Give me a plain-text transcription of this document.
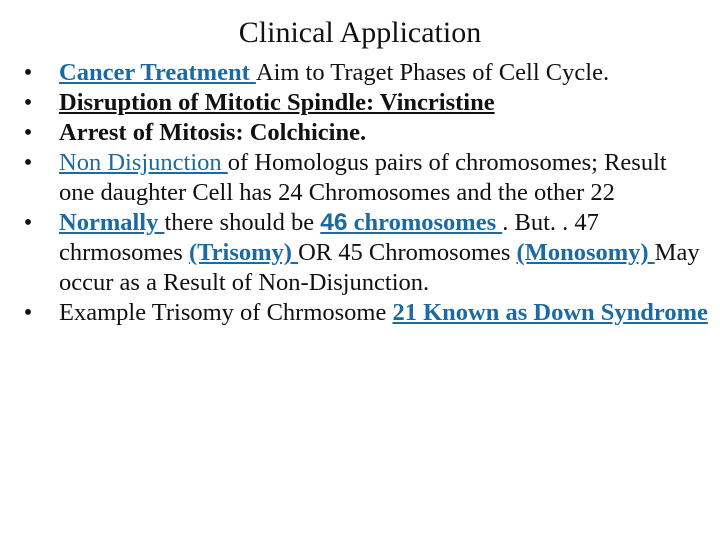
Clinical Application
• Cancer Treatment Aim to Traget Phases of Cell Cycle.
• Disruption of Mitotic Spindle: Vincristine
• Arrest of Mitosis: Colchicine.
• Non Disjunction of Homologus pairs of chromosomes; Result one daughter Cell has 24 Chromosomes and the other 22
• Normally there should be 46 chromosomes . But. . 47 chrmosomes (Trisomy) OR 45 Chromosomes (Monosomy) May occur as a Result of Non-Disjunction.
• Example Trisomy of Chrmosome 21 Known as Down Syndrome
